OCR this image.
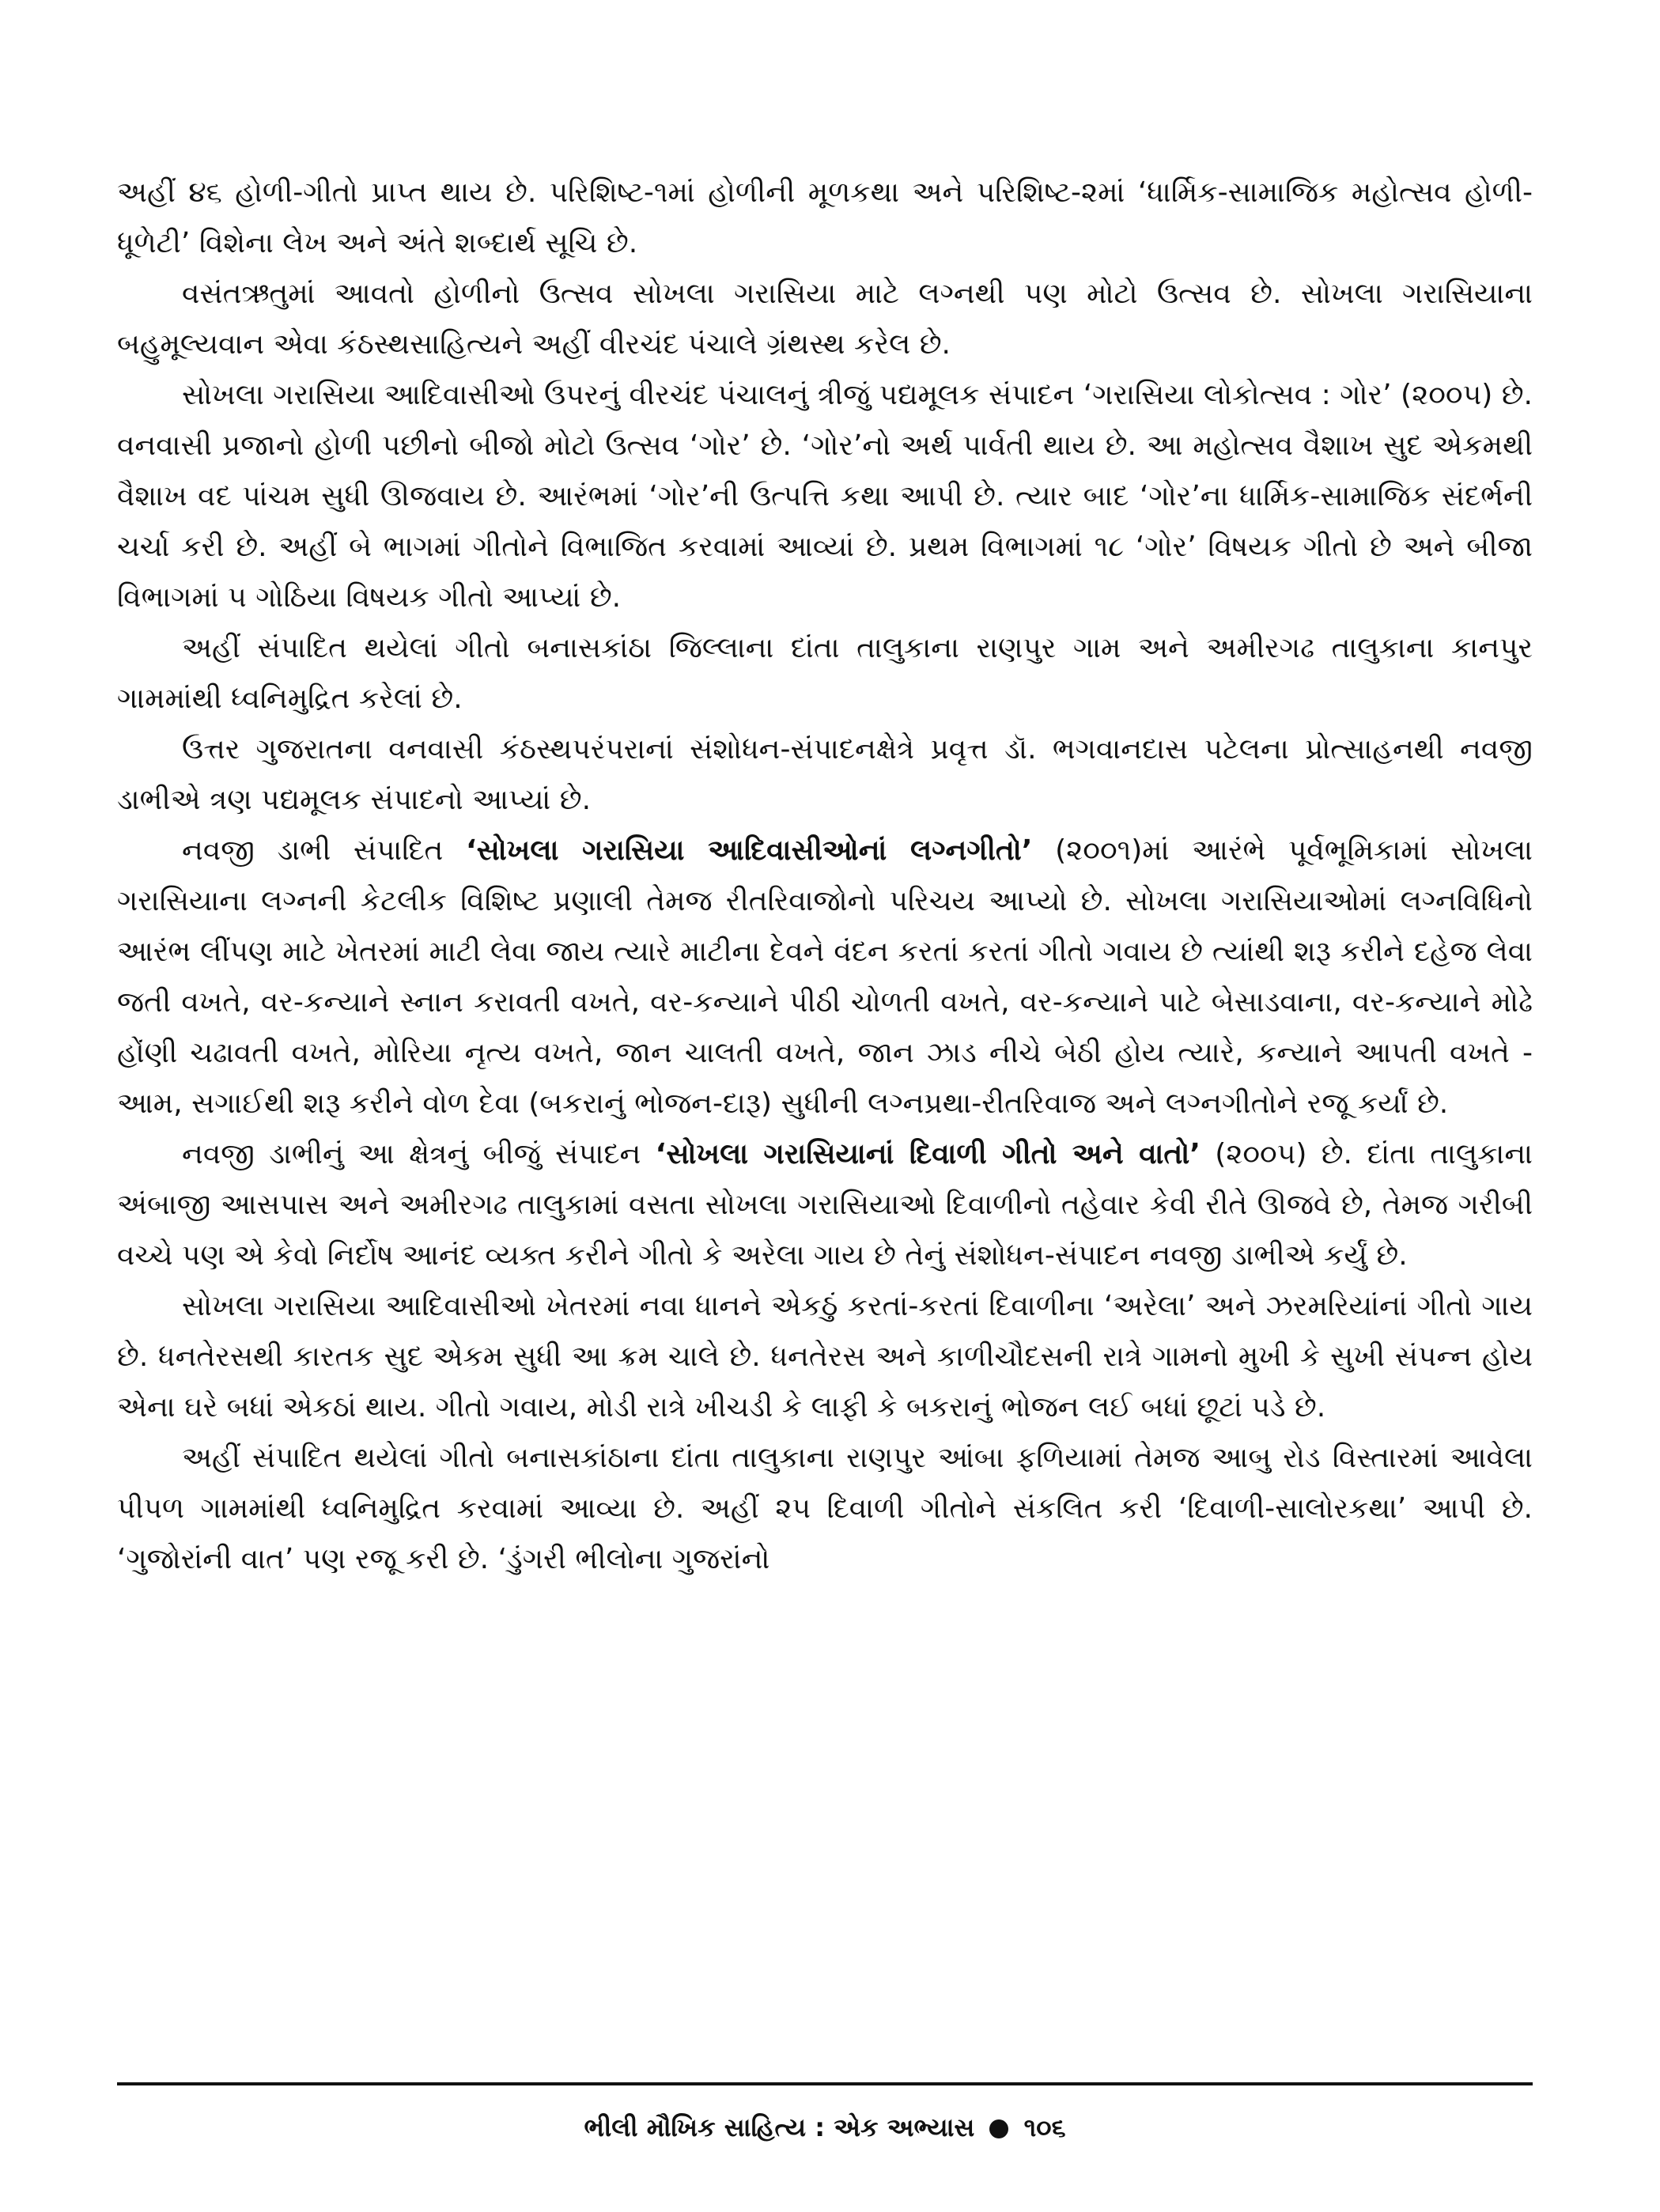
અહીં ૪૬ હોળી-ગીતો પ્રાપ્ત થાય છે. પરિશિષ્ટ-૧માં હોળીની મૂળકથા અને પરિશિષ્ટ-૨માં ‘ધાર્મિક-સામાજિક મહોત્સવ હોળી-ધૂળેટી’ વિશેના લેખ અને અંતે શબ્દાર્થ સૂચિ છે.

વસંતઋતુમાં આવતો હોળીનો ઉત્સવ સોખલા ગરાસિયા માટે લગ્નથી પણ મોટો ઉત્સવ છે. સોખલા ગરાસિયાના બહુમૂલ્યવાન એવા કંઠસ્થસાહિત્યને અહીં વીરચંદ પંચાલે ગ્રંથસ્થ કરેલ છે.

સોખલા ગરાસિયા આદિવાસીઓ ઉપરનું વીરચંદ પંચાલનું ત્રીજું પદ્યમૂલક સંપાદન ‘ગરાસિયા લોકોત્સવ : ગોર’ (૨૦૦૫) છે. વનવાસી પ્રજાનો હોળી પછીનો બીજો મોટો ઉત્સવ ‘ગોર’ છે. ‘ગોર’નો અર્થ પાર્વતી થાય છે. આ મહોત્સવ વૈશાખ સુદ એકમથી વૈશાખ વદ પાંચમ સુધી ઊજવાય છે. આરંભમાં ‘ગોર’ની ઉત્પત્તિ કથા આપી છે. ત્યાર બાદ ‘ગોર’ના ધાર્મિક-સામાજિક સંદર્ભની ચર્ચા કરી છે. અહીં બે ભાગમાં ગીતોને વિભાજિત કરવામાં આવ્યાં છે. પ્રથમ વિભાગમાં ૧૮ ‘ગોર’ વિષયક ગીતો છે અને બીજા વિભાગમાં ૫ ગોઠિયા વિષયક ગીતો આપ્યાં છે.

અહીં સંપાદિત થયેલાં ગીતો બનાસકાંઠા જિલ્લાના દાંતા તાલુકાના રાણપુર ગામ અને અમીરગઢ તાલુકાના કાનપુર ગામમાંથી ધ્વનિમુદ્રિત કરેલાં છે.

ઉત્તર ગુજરાતના વનવાસી કંઠસ્થપરંપરાનાં સંશોધન-સંપાદનક્ષેત્રે પ્રવૃત્ત ડૉ. ભગવાનદાસ પટેલના પ્રોત્સાહનથી નવજી ડાભીએ ત્રણ પદ્યમૂલક સંપાદનો આપ્યાં છે.

નવજી ડાભી સંપાદિત ‘સોખલા ગરાસિયા આદિવાસીઓનાં લગ્નગીતો’ (૨૦૦૧)માં આરંભે પૂર્વભૂમિકામાં સોખલા ગરાસિયાના લગ્નની કેટલીક વિશિષ્ટ પ્રણાલી તેમજ રીતરિવાજોનો પરિચય આપ્યો છે. સોખલા ગરાસિયાઓમાં લગ્નવિધિનો આરંભ લીંપણ માટે ખેતરમાં માટી લેવા જાય ત્યારે માટીના દેવને વંદન કરતાં કરતાં ગીતો ગવાય છે ત્યાંથી શરૂ કરીને દહેજ લેવા જતી વખતે, વર-કન્યાને સ્નાન કરાવતી વખતે, વર-કન્યાને પીઠી ચોળતી વખતે, વર-કન્યાને પાટે બેસાડવાના, વર-કન્યાને મોઢે હોંણી ચઢાવતી વખતે, મોરિયા નૃત્ય વખતે, જાન ચાલતી વખતે, જાન ઝાડ નીચે બેઠી હોય ત્યારે, કન્યાને આપતી વખતે - આમ, સગાઈથી શરૂ કરીને વોળ દેવા (બકરાનું ભોજન-દારૂ) સુધીની લગ્નપ્રથા-રીતરિવાજ અને લગ્નગીતોને રજૂ કર્યાં છે.

નવજી ડાભીનું આ ક્ષેત્રનું બીજું સંપાદન ‘સોખલા ગરાસિયાનાં દિવાળી ગીતો અને વાતો’ (૨૦૦૫) છે. દાંતા તાલુકાના અંબાજી આસપાસ અને અમીરગઢ તાલુકામાં વસતા સોખલા ગરાસિયાઓ દિવાળીનો તહેવાર કેવી રીતે ઊજવે છે, તેમજ ગરીબી વચ્ચે પણ એ કેવો નિર્દોષ આનંદ વ્યક્ત કરીને ગીતો કે અરેલા ગાય છે તેનું સંશોધન-સંપાદન નવજી ડાભીએ કર્યું છે.

સોખલા ગરાસિયા આદિવાસીઓ ખેતરમાં નવા ધાનને એકઠું કરતાં-કરતાં દિવાળીના ‘અરેલા’ અને ઝરમરિયાંનાં ગીતો ગાય છે. ધનતેરસથી કારતક સુદ એકમ સુધી આ ક્રમ ચાલે છે. ધનતેરસ અને કાળીચૌદસની રાત્રે ગામનો મુખી કે સુખી સંપન્ન હોય એના ઘરે બધાં એકઠાં થાય. ગીતો ગવાય, મોડી રાત્રે ખીચડી કે લાફી કે બકરાનું ભોજન લઈ બધાં છૂટાં પડે છે.

અહીં સંપાદિત થયેલાં ગીતો બનાસકાંઠાના દાંતા તાલુકાના રાણપુર આંબા ફળિયામાં તેમજ આબુ રોડ વિસ્તારમાં આવેલા પીપળ ગામમાંથી ધ્વનિમુદ્રિત કરવામાં આવ્યા છે. અહીં ૨૫ દિવાળી ગીતોને સંકલિત કરી ‘દિવાળી-સાલોરકથા’ આપી છે. ‘ગુજોરાંની વાત’ પણ રજૂ કરી છે. ‘ડુંગરી ભીલોના ગુજરાંનો

ભીલી મૌખિક સાહિત્ય : એક અભ્યાસ ૧૦૬
